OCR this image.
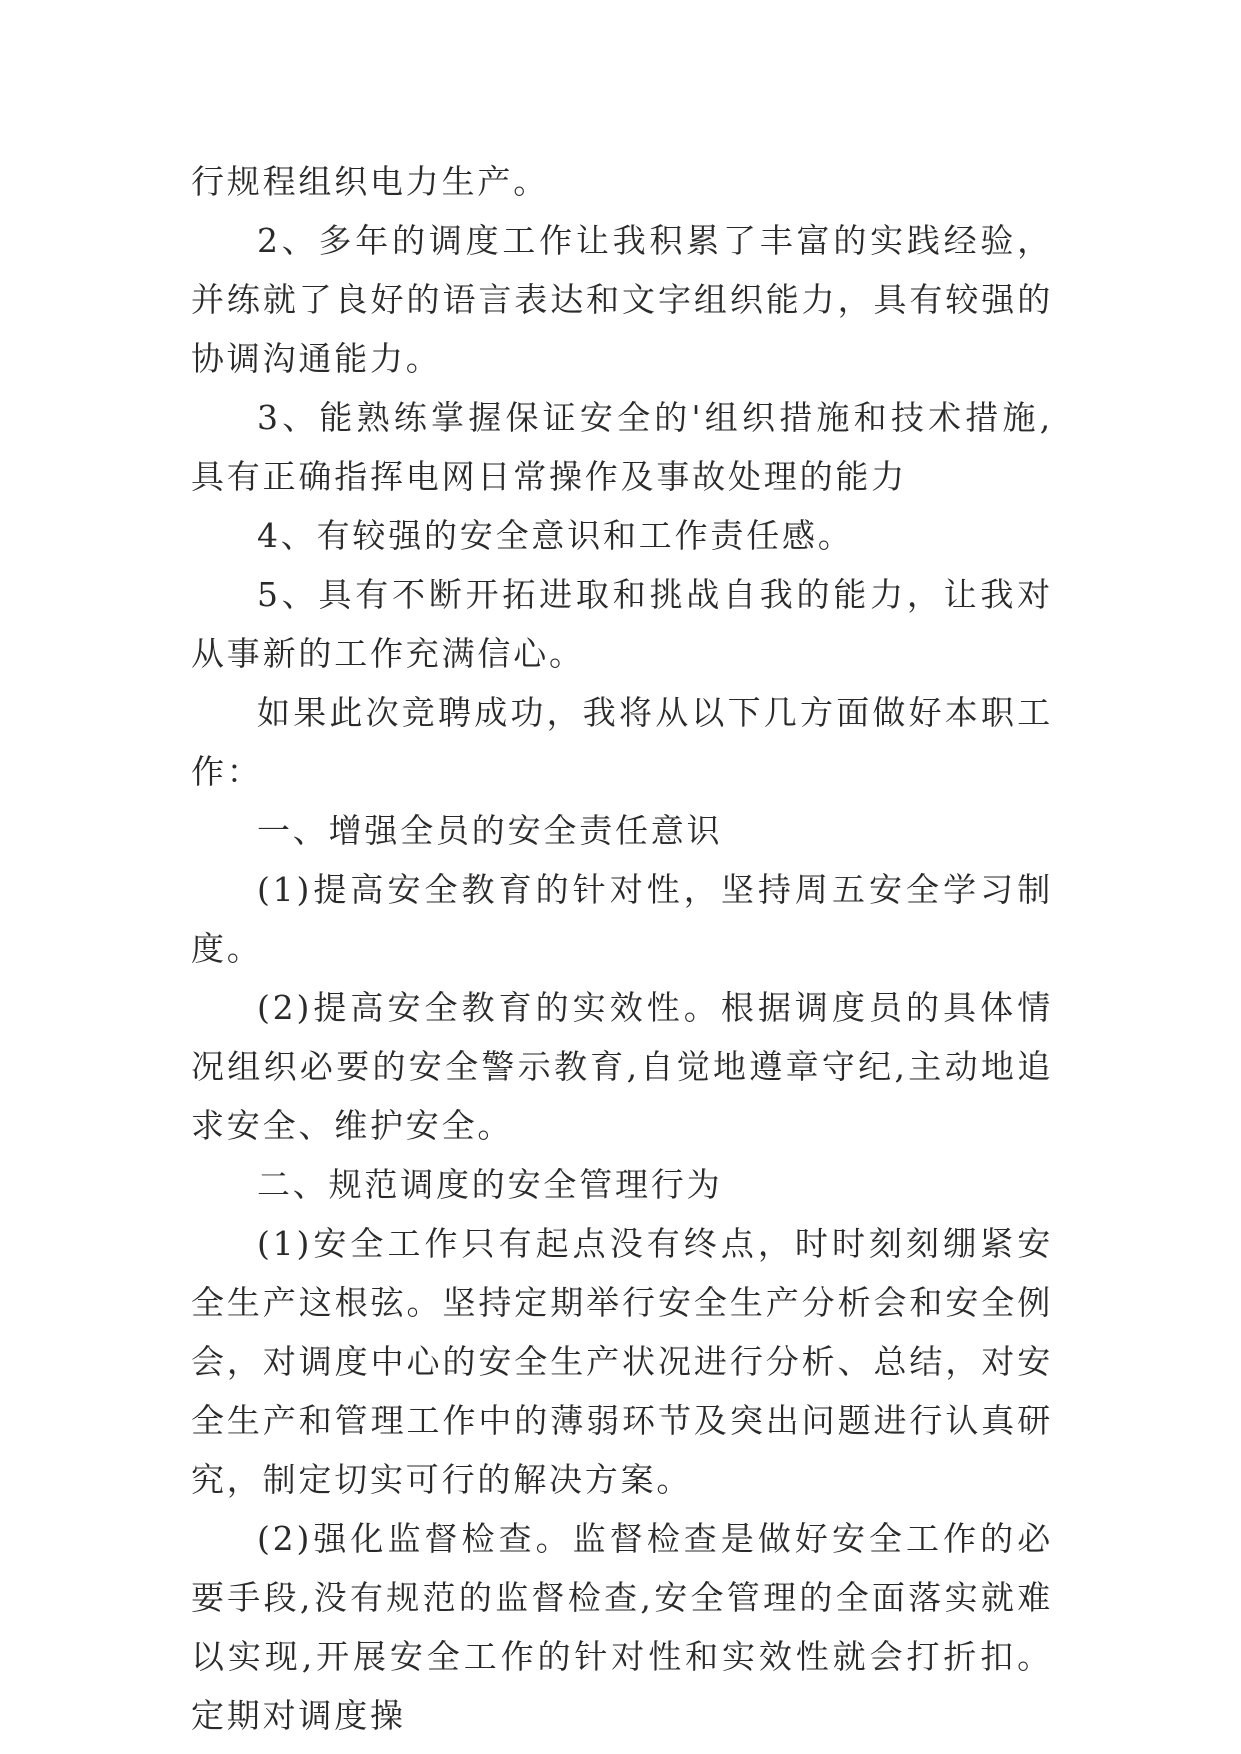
行规程组织电力生产。

2、多年的调度工作让我积累了丰富的实践经验，并练就了良好的语言表达和文字组织能力，具有较强的协调沟通能力。

3、能熟练掌握保证安全的'组织措施和技术措施,具有正确指挥电网日常操作及事故处理的能力

4、有较强的安全意识和工作责任感。

5、具有不断开拓进取和挑战自我的能力，让我对从事新的工作充满信心。

如果此次竞聘成功，我将从以下几方面做好本职工作：

一、增强全员的安全责任意识

(1)提高安全教育的针对性，坚持周五安全学习制度。

(2)提高安全教育的实效性。根据调度员的具体情况组织必要的安全警示教育,自觉地遵章守纪,主动地追求安全、维护安全。

二、规范调度的安全管理行为

(1)安全工作只有起点没有终点，时时刻刻绷紧安全生产这根弦。坚持定期举行安全生产分析会和安全例会，对调度中心的安全生产状况进行分析、总结，对安全生产和管理工作中的薄弱环节及突出问题进行认真研究，制定切实可行的解决方案。

(2)强化监督检查。监督检查是做好安全工作的必要手段,没有规范的监督检查,安全管理的全面落实就难以实现,开展安全工作的针对性和实效性就会打折扣。定期对调度操
